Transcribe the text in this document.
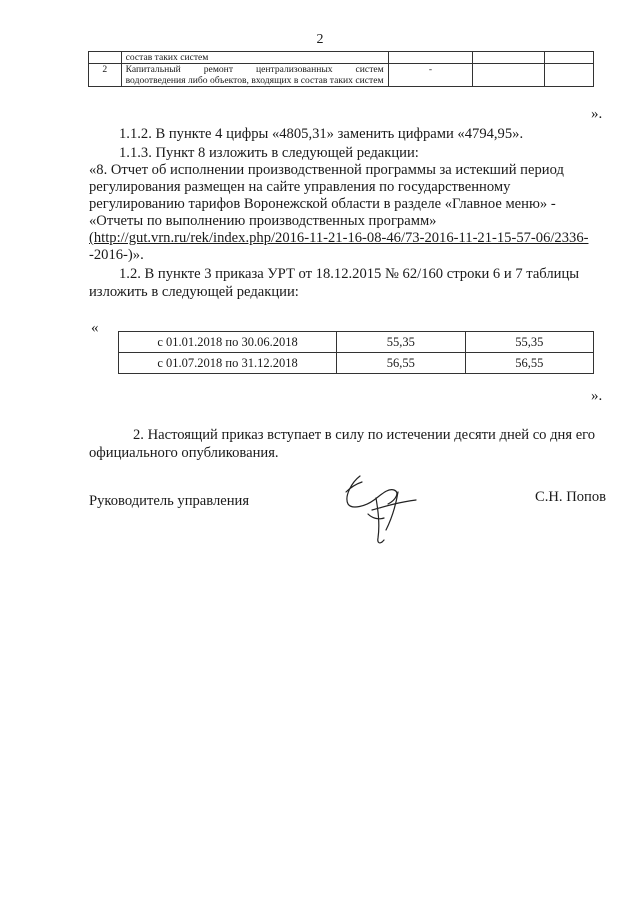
2
	состав таких систем			
2	Капитальный ремонт централизованных систем водоотведения либо объектов, входящих в состав таких систем	-		
».
1.1.2. В пункте 4 цифры «4805,31» заменить цифрами «4794,95».
1.1.3. Пункт 8 изложить в следующей редакции:
«8. Отчет об исполнении производственной программы за истекший период
регулирования размещен на сайте управления по государственному
регулированию тарифов Воронежской области в разделе «Главное меню» -
«Отчеты по выполнению производственных программ»
(http://gut.vrn.ru/rek/index.php/2016-11-21-16-08-46/73-2016-11-21-15-57-06/2336-
-2016-)».
1.2. В пункте 3 приказа УРТ от 18.12.2015 № 62/160 строки 6 и 7 таблицы
изложить в следующей редакции:
«
с 01.01.2018 по 30.06.2018	55,35	55,35
с 01.07.2018 по 31.12.2018	56,55	56,55
».
2. Настоящий приказ вступает в силу по истечении десяти дней со дня его
официального опубликования.
Руководитель управления	С.Н. Попов
